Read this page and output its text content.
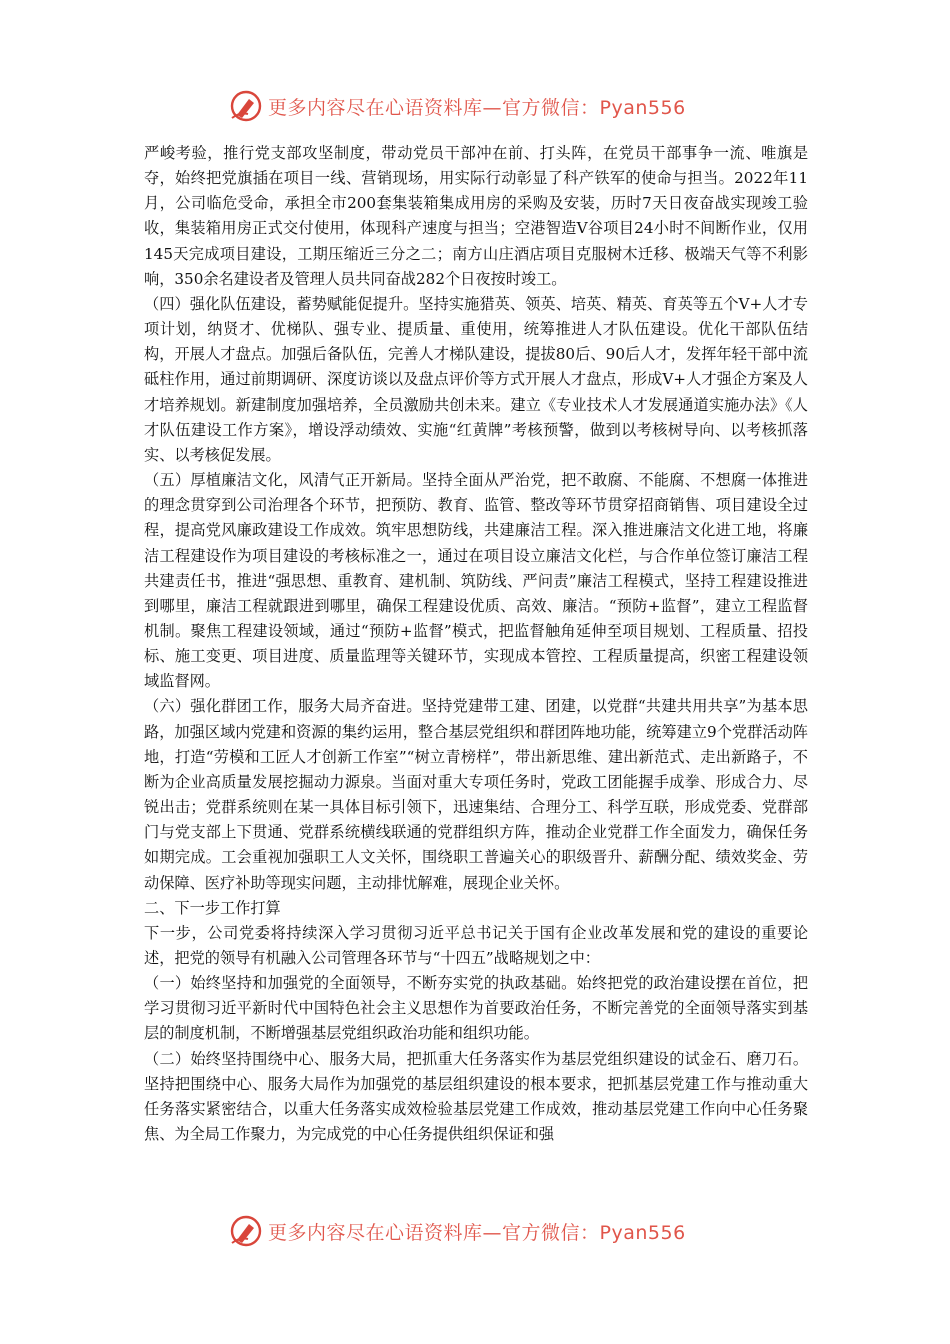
更多内容尽在心语资料库—官方微信：Pyan556

严峻考验，推行党支部攻坚制度，带动党员干部冲在前、打头阵，在党员干部事争一流、唯旗是夺，始终把党旗插在项目一线、营销现场，用实际行动彰显了科产铁军的使命与担当。2022年11月，公司临危受命，承担全市200套集装箱集成用房的采购及安装，历时7天日夜奋战实现竣工验收，集装箱用房正式交付使用，体现科产速度与担当；空港智造V谷项目24小时不间断作业，仅用145天完成项目建设，工期压缩近三分之二；南方山庄酒店项目克服树木迁移、极端天气等不利影响，350余名建设者及管理人员共同奋战282个日夜按时竣工。

（四）强化队伍建设，蓄势赋能促提升。坚持实施猎英、领英、培英、精英、育英等五个V+人才专项计划，纳贤才、优梯队、强专业、提质量、重使用，统筹推进人才队伍建设。优化干部队伍结构，开展人才盘点。加强后备队伍，完善人才梯队建设，提拔80后、90后人才，发挥年轻干部中流砥柱作用，通过前期调研、深度访谈以及盘点评价等方式开展人才盘点，形成V+人才强企方案及人才培养规划。新建制度加强培养，全员激励共创未来。建立《专业技术人才发展通道实施办法》《人才队伍建设工作方案》，增设浮动绩效、实施“红黄牌”考核预警，做到以考核树导向、以考核抓落实、以考核促发展。

（五）厚植廉洁文化，风清气正开新局。坚持全面从严治党，把不敢腐、不能腐、不想腐一体推进的理念贯穿到公司治理各个环节，把预防、教育、监管、整改等环节贯穿招商销售、项目建设全过程，提高党风廉政建设工作成效。筑牢思想防线，共建廉洁工程。深入推进廉洁文化进工地，将廉洁工程建设作为项目建设的考核标准之一，通过在项目设立廉洁文化栏，与合作单位签订廉洁工程共建责任书，推进“强思想、重教育、建机制、筑防线、严问责”廉洁工程模式，坚持工程建设推进到哪里，廉洁工程就跟进到哪里，确保工程建设优质、高效、廉洁。“预防+监督”，建立工程监督机制。聚焦工程建设领域，通过“预防+监督”模式，把监督触角延伸至项目规划、工程质量、招投标、施工变更、项目进度、质量监理等关键环节，实现成本管控、工程质量提高，织密工程建设领域监督网。

（六）强化群团工作，服务大局齐奋进。坚持党建带工建、团建，以党群“共建共用共享”为基本思路，加强区域内党建和资源的集约运用，整合基层党组织和群团阵地功能，统筹建立9个党群活动阵地，打造“劳模和工匠人才创新工作室”“树立青榜样”，带出新思维、建出新范式、走出新路子，不断为企业高质量发展挖掘动力源泉。当面对重大专项任务时，党政工团能握手成拳、形成合力、尽锐出击；党群系统则在某一具体目标引领下，迅速集结、合理分工、科学互联，形成党委、党群部门与党支部上下贯通、党群系统横线联通的党群组织方阵，推动企业党群工作全面发力，确保任务如期完成。工会重视加强职工人文关怀，围绕职工普遍关心的职级晋升、薪酬分配、绩效奖金、劳动保障、医疗补助等现实问题，主动排忧解难，展现企业关怀。

二、下一步工作打算

下一步，公司党委将持续深入学习贯彻习近平总书记关于国有企业改革发展和党的建设的重要论述，把党的领导有机融入公司管理各环节与“十四五”战略规划之中：

（一）始终坚持和加强党的全面领导，不断夯实党的执政基础。始终把党的政治建设摆在首位，把学习贯彻习近平新时代中国特色社会主义思想作为首要政治任务，不断完善党的全面领导落实到基层的制度机制，不断增强基层党组织政治功能和组织功能。

（二）始终坚持围绕中心、服务大局，把抓重大任务落实作为基层党组织建设的试金石、磨刀石。坚持把围绕中心、服务大局作为加强党的基层组织建设的根本要求，把抓基层党建工作与推动重大任务落实紧密结合，以重大任务落实成效检验基层党建工作成效，推动基层党建工作向中心任务聚焦、为全局工作聚力，为完成党的中心任务提供组织保证和强

更多内容尽在心语资料库—官方微信：Pyan556
